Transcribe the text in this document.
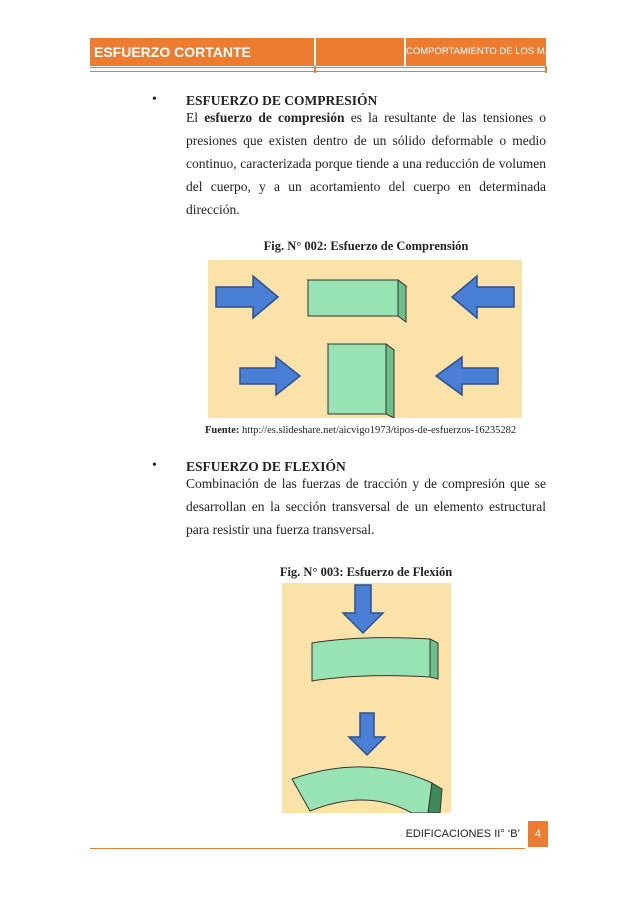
ESFUERZO CORTANTE	COMPORTAMIENTO DE LOS MATERIALES
• ESFUERZO DE COMPRESIÓN
El esfuerzo de compresión es la resultante de las tensiones o presiones que existen dentro de un sólido deformable o medio continuo, caracterizada porque tiende a una reducción de volumen del cuerpo, y a un acortamiento del cuerpo en determinada dirección.
Fig. N° 002: Esfuerzo de Comprensión
Fuente: http://es.slideshare.net/aicvigo1973/tipos-de-esfuerzos-16235282
• ESFUERZO DE FLEXIÓN
Combinación de las fuerzas de tracción y de compresión que se desarrollan en la sección transversal de un elemento estructural para resistir una fuerza transversal.
Fig. N° 003: Esfuerzo de Flexión
EDIFICACIONES II° ‘B’	4
